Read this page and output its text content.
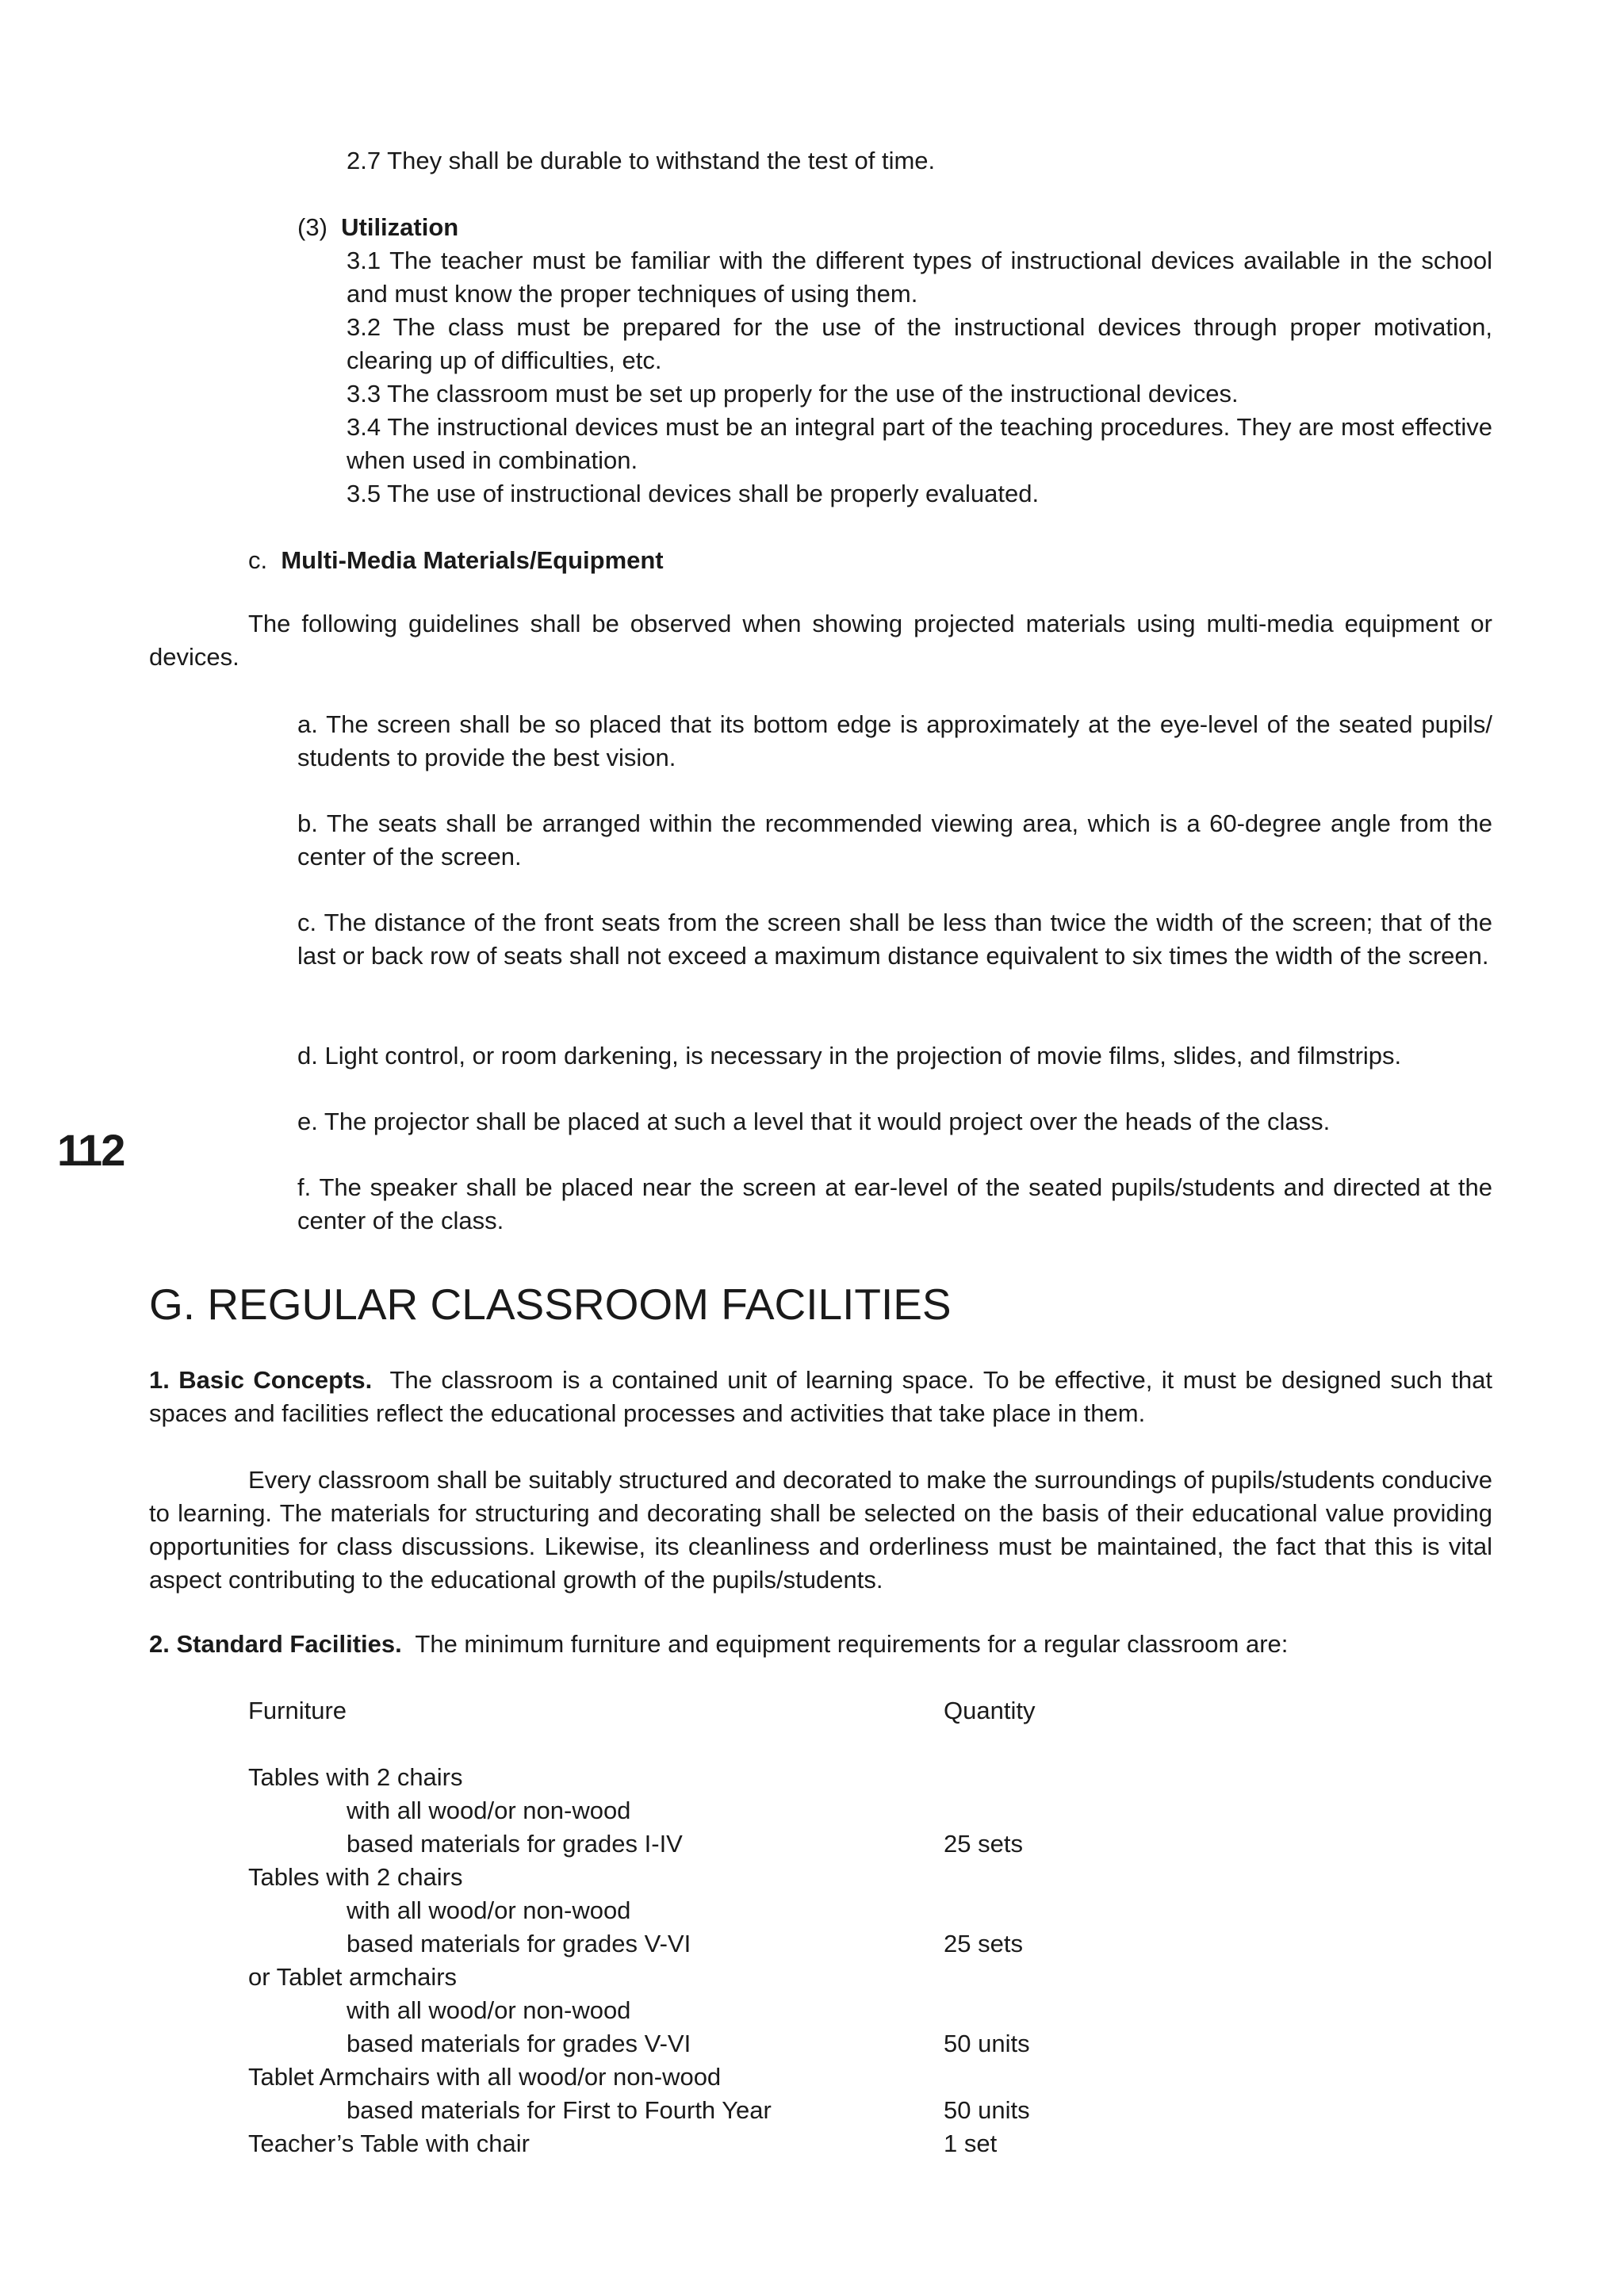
112
2.7 They shall be durable to withstand the test of time.
(3) Utilization
3.1 The teacher must be familiar with the different types of instructional devices available in the school and must know the proper techniques of using them.
3.2 The class must be prepared for the use of the instructional devices through proper motivation, clearing up of difficulties, etc.
3.3 The classroom must be set up properly for the use of the instructional devices.
3.4 The instructional devices must be an integral part of the teaching procedures. They are most effective when used in combination.
3.5 The use of instructional devices shall be properly evaluated.
c. Multi-Media Materials/Equipment
The following guidelines shall be observed when showing projected materials using multi-media equipment or devices.
a. The screen shall be so placed that its bottom edge is approximately at the eye-level of the seated pupils/ students to provide the best vision.
b. The seats shall be arranged within the recommended viewing area, which is a 60-degree angle from the center of the screen.
c. The distance of the front seats from the screen shall be less than twice the width of the screen; that of the last or back row of seats shall not exceed a maximum distance equivalent to six times the width of the screen.
d. Light control, or room darkening, is necessary in the projection of movie films, slides, and filmstrips.
e. The projector shall be placed at such a level that it would project over the heads of the class.
f. The speaker shall be placed near the screen at ear-level of the seated pupils/students and directed at the center of the class.
G. REGULAR CLASSROOM FACILITIES
1. Basic Concepts. The classroom is a contained unit of learning space. To be effective, it must be designed such that spaces and facilities reflect the educational processes and activities that take place in them.
Every classroom shall be suitably structured and decorated to make the surroundings of pupils/students conducive to learning. The materials for structuring and decorating shall be selected on the basis of their educational value providing opportunities for class discussions. Likewise, its cleanliness and orderliness must be maintained, the fact that this is vital aspect contributing to the educational growth of the pupils/students.
2. Standard Facilities. The minimum furniture and equipment requirements for a regular classroom are:
Furniture	Quantity
Tables with 2 chairs
with all wood/or non-wood
based materials for grades I-IV	25 sets
Tables with 2 chairs
with all wood/or non-wood
based materials for grades V-VI	25 sets
or Tablet armchairs
with all wood/or non-wood
based materials for grades V-VI	50 units
Tablet Armchairs with all wood/or non-wood
based materials for First to Fourth Year	50 units
Teacher’s Table with chair	1 set
